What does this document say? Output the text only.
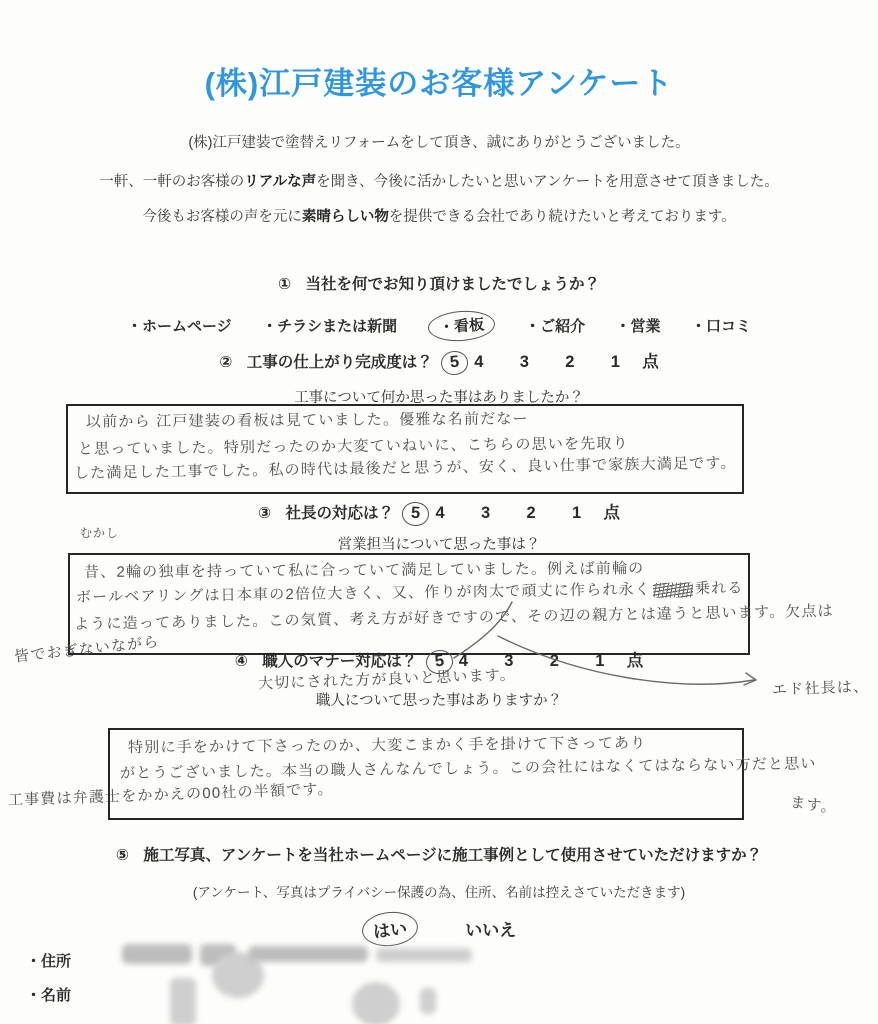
(株)江戸建装のお客様アンケート
(株)江戸建装で塗替えリフォームをして頂き、誠にありがとうございました。
一軒、一軒のお客様のリアルな声を聞き、今後に活かしたいと思いアンケートを用意させて頂きました。
今後もお客様の声を元に素晴らしい物を提供できる会社であり続けたいと考えております。
① 当社を何でお知り頂けましたでしょうか？
・ホームページ ・チラシまたは新聞	・看板	・ご紹介 ・営業 ・口コミ
② 工事の仕上がり完成度は？ 5 4 3 2 1 点
工事について何か思った事はありましたか？
以前から 江戸建装の看板は見ていました。優雅な名前だなー
と思っていました。特別だったのか大変ていねいに、こちらの思いを先取り
した満足した工事でした。私の時代は最後だと思うが、安く、良い仕事で家族大満足です。
③ 社長の対応は？ 5 4 3 2 1 点
営業担当について思った事は？
むかし
昔、2輪の独車を持っていて私に合っていて満足していました。例えば前輪の
ボールベアリングは日本車の2倍位大きく、又、作りが肉太で頑丈に作られ永く	乗れる
ように造ってありました。この気質、考え方が好きですので、その辺の親方とは違うと思います。欠点は
皆でおぎないながら	④ 職人のマナー対応は？ 5 4 3 2 1 点
大切にされた方が良いと思います。
職人について思った事はありますか？
エド社長は、
特別に手をかけて下さったのか、大変こまかく手を掛けて下さってあり
がとうございました。本当の職人さんなんでしょう。この会社にはなくてはならない方だと思い
工事費は弁護士をかかえの00社の半額です。	ます。
⑤ 施工写真、アンケートを当社ホームページに施工事例として使用させていただけますか？
(アンケート、写真はプライバシー保護の為、住所、名前は控えさていただきます)
はい	いいえ
・住所
・名前
